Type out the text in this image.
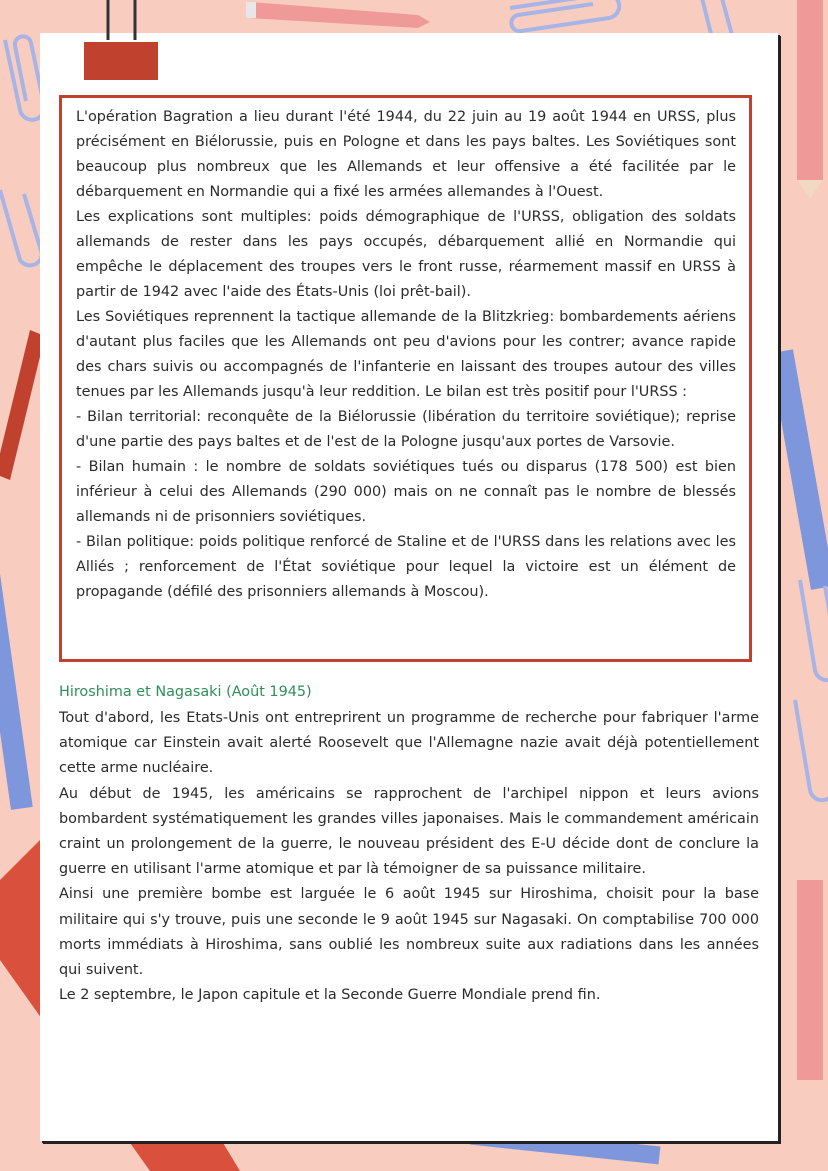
L'opération Bagration a lieu durant l'été 1944, du 22 juin au 19 août 1944 en URSS, plus précisément en Biélorussie, puis en Pologne et dans les pays baltes. Les Soviétiques sont beaucoup plus nombreux que les Allemands et leur offensive a été facilitée par le débarquement en Normandie qui a fixé les armées allemandes à l'Ouest.

Les explications sont multiples: poids démographique de l'URSS, obligation des soldats allemands de rester dans les pays occupés, débarquement allié en Normandie qui empêche le déplacement des troupes vers le front russe, réarmement massif en URSS à partir de 1942 avec l'aide des États-Unis (loi prêt-bail).

Les Soviétiques reprennent la tactique allemande de la Blitzkrieg: bombardements aériens d'autant plus faciles que les Allemands ont peu d'avions pour les contrer; avance rapide des chars suivis ou accompagnés de l'infanterie en laissant des troupes autour des villes tenues par les Allemands jusqu'à leur reddition. Le bilan est très positif pour l'URSS :

- Bilan territorial: reconquête de la Biélorussie (libération du territoire soviétique); reprise d'une partie des pays baltes et de l'est de la Pologne jusqu'aux portes de Varsovie.

- Bilan humain : le nombre de soldats soviétiques tués ou disparus (178 500) est bien inférieur à celui des Allemands (290 000) mais on ne connaît pas le nombre de blessés allemands ni de prisonniers soviétiques.

- Bilan politique: poids politique renforcé de Staline et de l'URSS dans les relations avec les Alliés ; renforcement de l'État soviétique pour lequel la victoire est un élément de propagande (défilé des prisonniers allemands à Moscou).

Hiroshima et Nagasaki (Août 1945)

Tout d'abord, les Etats-Unis ont entreprirent un programme de recherche pour fabriquer l'arme atomique car Einstein avait alerté Roosevelt que l'Allemagne nazie avait déjà potentiellement cette arme nucléaire.

Au début de 1945, les américains se rapprochent de l'archipel nippon et leurs avions bombardent systématiquement les grandes villes japonaises. Mais le commandement américain craint un prolongement de la guerre, le nouveau président des E-U décide dont de conclure la guerre en utilisant l'arme atomique et par là témoigner de sa puissance militaire.

Ainsi une première bombe est larguée le 6 août 1945 sur Hiroshima, choisit pour la base militaire qui s'y trouve, puis une seconde le 9 août 1945 sur Nagasaki. On comptabilise 700 000 morts immédiats à Hiroshima, sans oublié les nombreux suite aux radiations dans les années qui suivent.

Le 2 septembre, le Japon capitule et la Seconde Guerre Mondiale prend fin.
